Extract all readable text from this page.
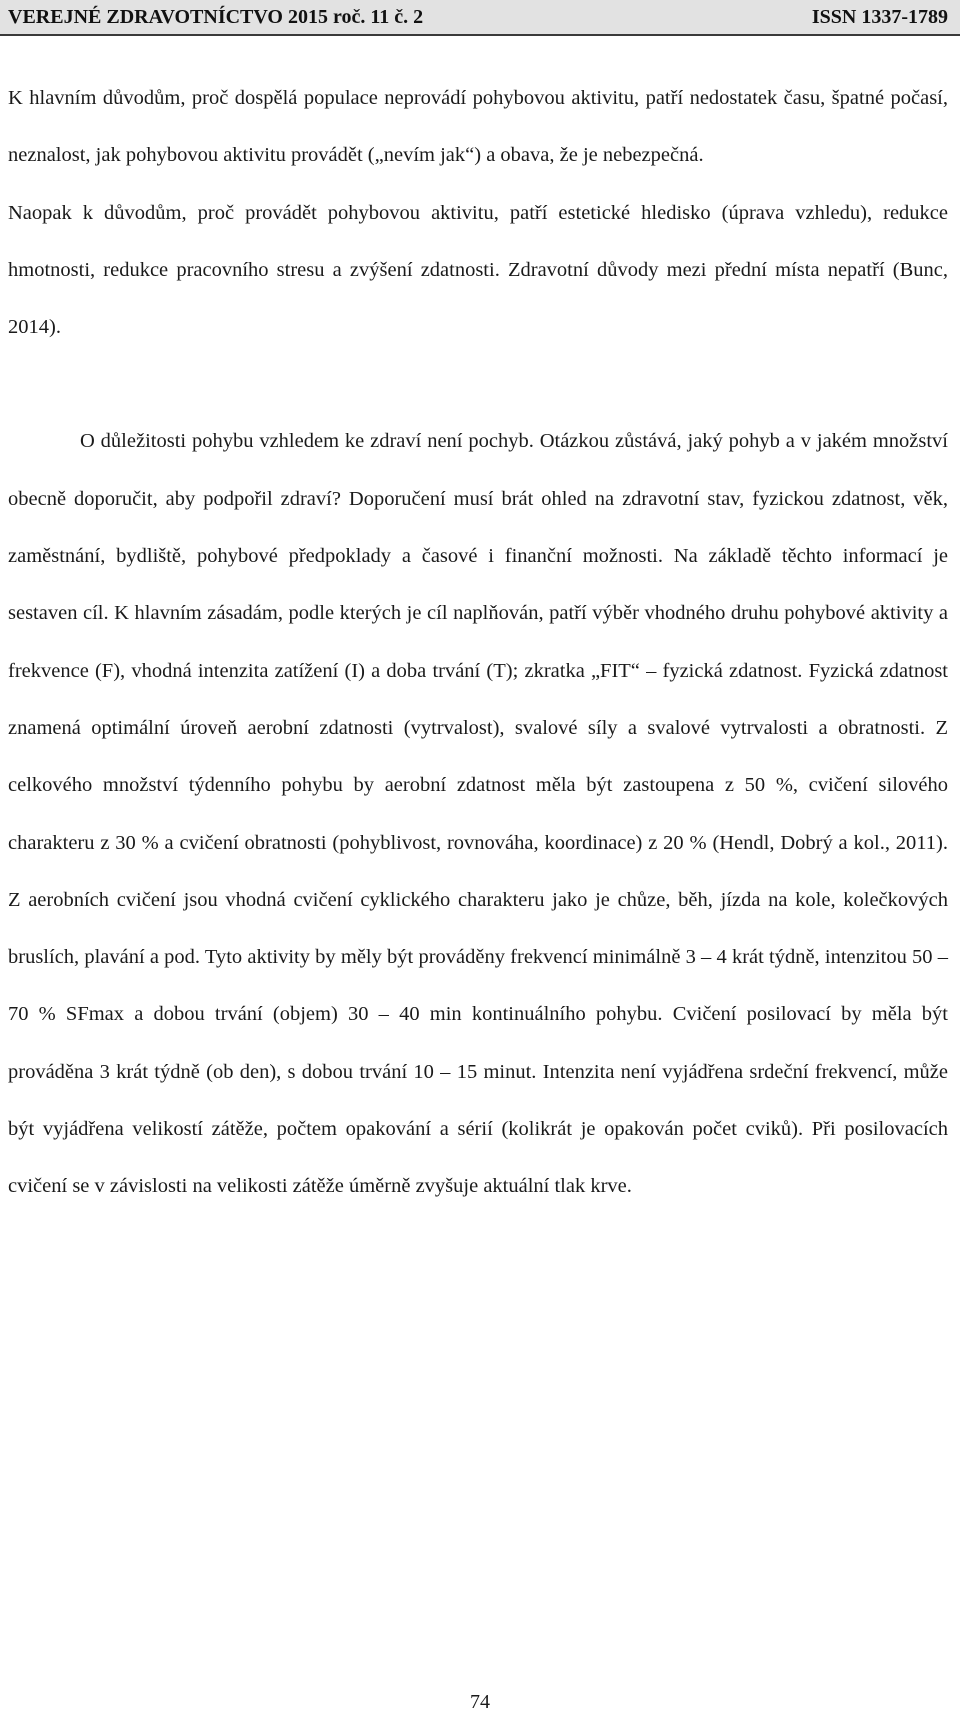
VEREJNÉ ZDRAVOTNÍCTVO 2015 roč. 11 č. 2	ISSN 1337-1789

K hlavním důvodům, proč dospělá populace neprovádí pohybovou aktivitu, patří nedostatek času, špatné počasí, neznalost, jak pohybovou aktivitu provádět („nevím jak“) a obava, že je nebezpečná.

Naopak k důvodům, proč provádět pohybovou aktivitu, patří estetické hledisko (úprava vzhledu), redukce hmotnosti, redukce pracovního stresu a zvýšení zdatnosti. Zdravotní důvody mezi přední místa nepatří (Bunc, 2014).

O důležitosti pohybu vzhledem ke zdraví není pochyb. Otázkou zůstává, jaký pohyb a v jakém množství obecně doporučit, aby podpořil zdraví? Doporučení musí brát ohled na zdravotní stav, fyzickou zdatnost, věk, zaměstnání, bydliště, pohybové předpoklady a časové i finanční možnosti. Na základě těchto informací je sestaven cíl. K hlavním zásadám, podle kterých je cíl naplňován, patří výběr vhodného druhu pohybové aktivity a frekvence (F), vhodná intenzita zatížení (I) a doba trvání (T); zkratka „FIT“ – fyzická zdatnost. Fyzická zdatnost znamená optimální úroveň aerobní zdatnosti (vytrvalost), svalové síly a svalové vytrvalosti a obratnosti. Z celkového množství týdenního pohybu by aerobní zdatnost měla být zastoupena z 50 %, cvičení silového charakteru z 30 % a cvičení obratnosti (pohyblivost, rovnováha, koordinace) z 20 % (Hendl, Dobrý a kol., 2011). Z aerobních cvičení jsou vhodná cvičení cyklického charakteru jako je chůze, běh, jízda na kole, kolečkových bruslích, plavání a pod. Tyto aktivity by měly být prováděny frekvencí minimálně 3 – 4 krát týdně, intenzitou 50 – 70 % SFmax a dobou trvání (objem) 30 – 40 min kontinuálního pohybu. Cvičení posilovací by měla být prováděna 3 krát týdně (ob den), s dobou trvání 10 – 15 minut. Intenzita není vyjádřena srdeční frekvencí, může být vyjádřena velikostí zátěže, počtem opakování a sérií (kolikrát je opakován počet cviků). Při posilovacích cvičení se v závislosti na velikosti zátěže úměrně zvyšuje aktuální tlak krve.

74
